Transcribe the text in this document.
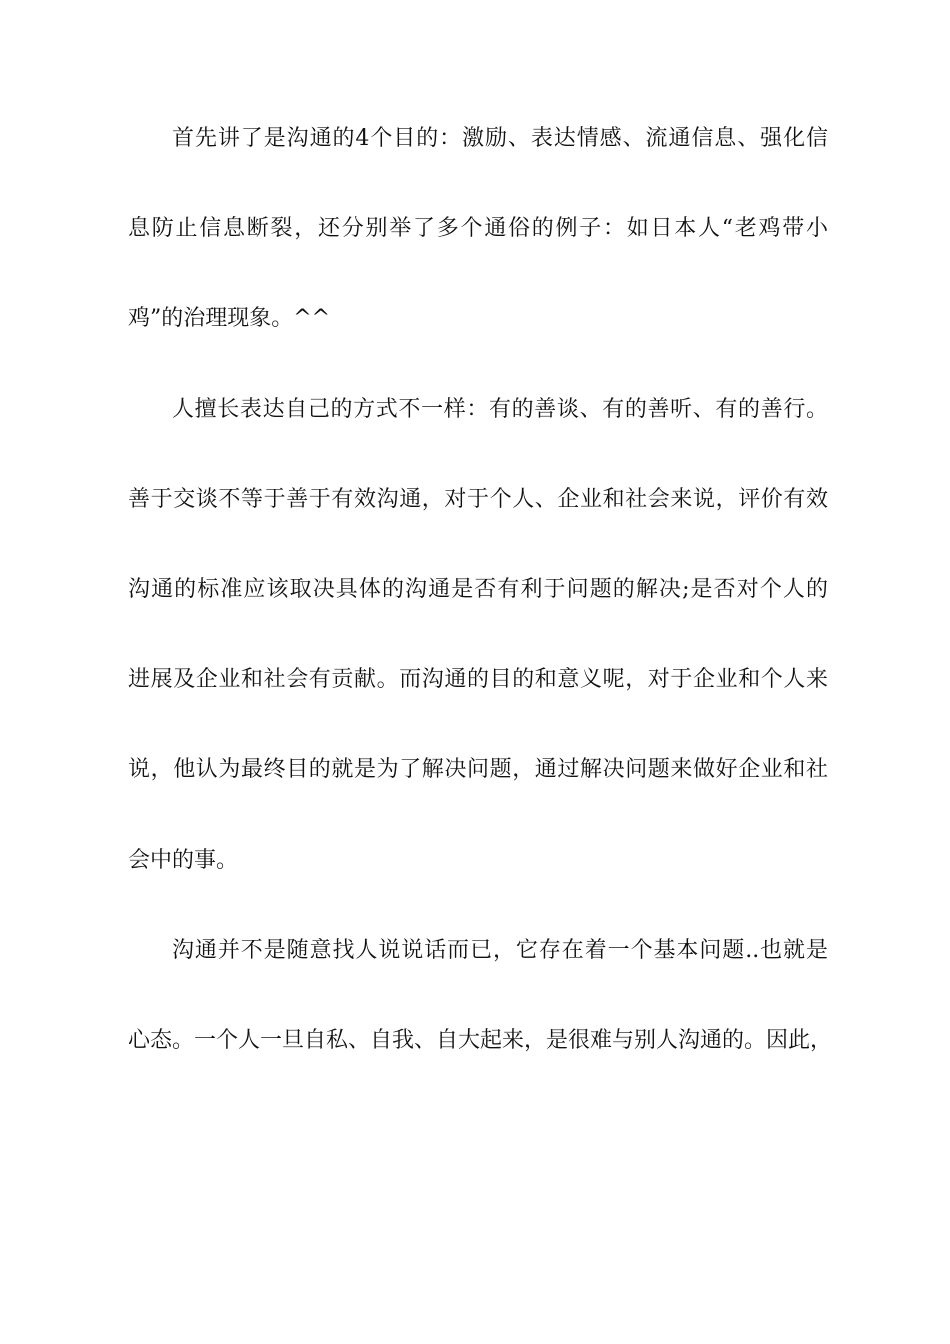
首先讲了是沟通的4个目的：激励、表达情感、流通信息、强化信
息防止信息断裂，还分别举了多个通俗的例子：如日本人“老鸡带小
鸡”的治理现象。^^
人擅长表达自己的方式不一样：有的善谈、有的善听、有的善行。
善于交谈不等于善于有效沟通，对于个人、企业和社会来说，评价有效
沟通的标准应该取决具体的沟通是否有利于问题的解决;是否对个人的
进展及企业和社会有贡献。而沟通的目的和意义呢，对于企业和个人来
说，他认为最终目的就是为了解决问题，通过解决问题来做好企业和社
会中的事。
沟通并不是随意找人说说话而已，它存在着一个基本问题..也就是
心态。一个人一旦自私、自我、自大起来，是很难与别人沟通的。因此，
